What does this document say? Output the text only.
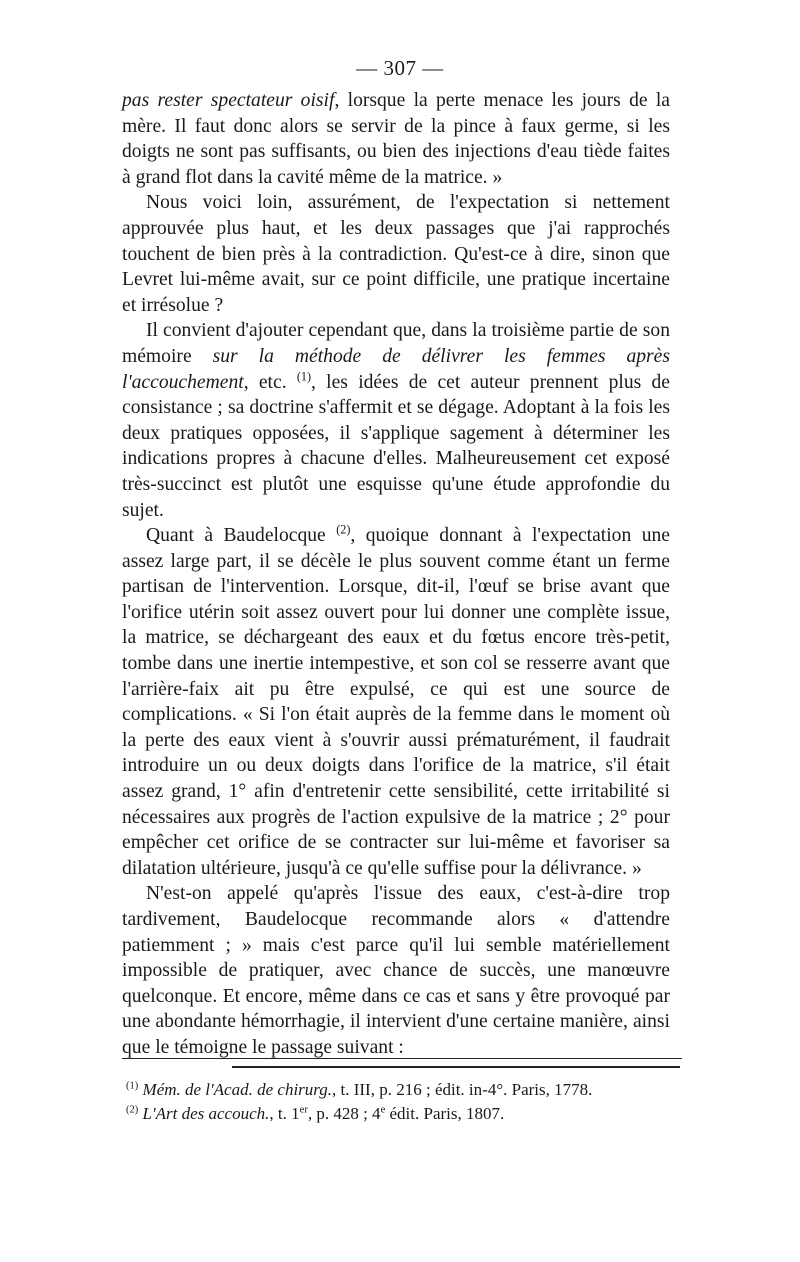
— 307 —

pas rester spectateur oisif, lorsque la perte menace les jours de la mère. Il faut donc alors se servir de la pince à faux germe, si les doigts ne sont pas suffisants, ou bien des injections d'eau tiède faites à grand flot dans la cavité même de la matrice. »

Nous voici loin, assurément, de l'expectation si nettement approuvée plus haut, et les deux passages que j'ai rapprochés touchent de bien près à la contradiction. Qu'est-ce à dire, sinon que Levret lui-même avait, sur ce point difficile, une pratique incertaine et irrésolue ?

Il convient d'ajouter cependant que, dans la troisième partie de son mémoire sur la méthode de délivrer les femmes après l'accouchement, etc. $^{(1)}$, les idées de cet auteur prennent plus de consistance ; sa doctrine s'affermit et se dégage. Adoptant à la fois les deux pratiques opposées, il s'applique sagement à déterminer les indications propres à chacune d'elles. Malheureusement cet exposé très-succinct est plutôt une esquisse qu'une étude approfondie du sujet.

Quant à Baudelocque $^{(2)}$, quoique donnant à l'expectation une assez large part, il se décèle le plus souvent comme étant un ferme partisan de l'intervention. Lorsque, dit-il, l'œuf se brise avant que l'orifice utérin soit assez ouvert pour lui donner une complète issue, la matrice, se déchargeant des eaux et du fœtus encore très-petit, tombe dans une inertie intempestive, et son col se resserre avant que l'arrière-faix ait pu être expulsé, ce qui est une source de complications. « Si l'on était auprès de la femme dans le moment où la perte des eaux vient à s'ouvrir aussi prématurément, il faudrait introduire un ou deux doigts dans l'orifice de la matrice, s'il était assez grand, 1° afin d'entretenir cette sensibilité, cette irritabilité si nécessaires aux progrès de l'action expulsive de la matrice ; 2° pour empêcher cet orifice de se contracter sur lui-même et favoriser sa dilatation ultérieure, jusqu'à ce qu'elle suffise pour la délivrance. »

N'est-on appelé qu'après l'issue des eaux, c'est-à-dire trop tardivement, Baudelocque recommande alors « d'attendre patiemment ; » mais c'est parce qu'il lui semble matériellement impossible de pratiquer, avec chance de succès, une manœuvre quelconque. Et encore, même dans ce cas et sans y être provoqué par une abondante hémorrhagie, il intervient d'une certaine manière, ainsi que le témoigne le passage suivant :

$^{(1)}$ Mém. de l'Acad. de chirurg., t. III, p. 216 ; édit. in-4°. Paris, 1778.
$^{(2)}$ L'Art des accouch., t. 1er, p. 428 ; 4e édit. Paris, 1807.
